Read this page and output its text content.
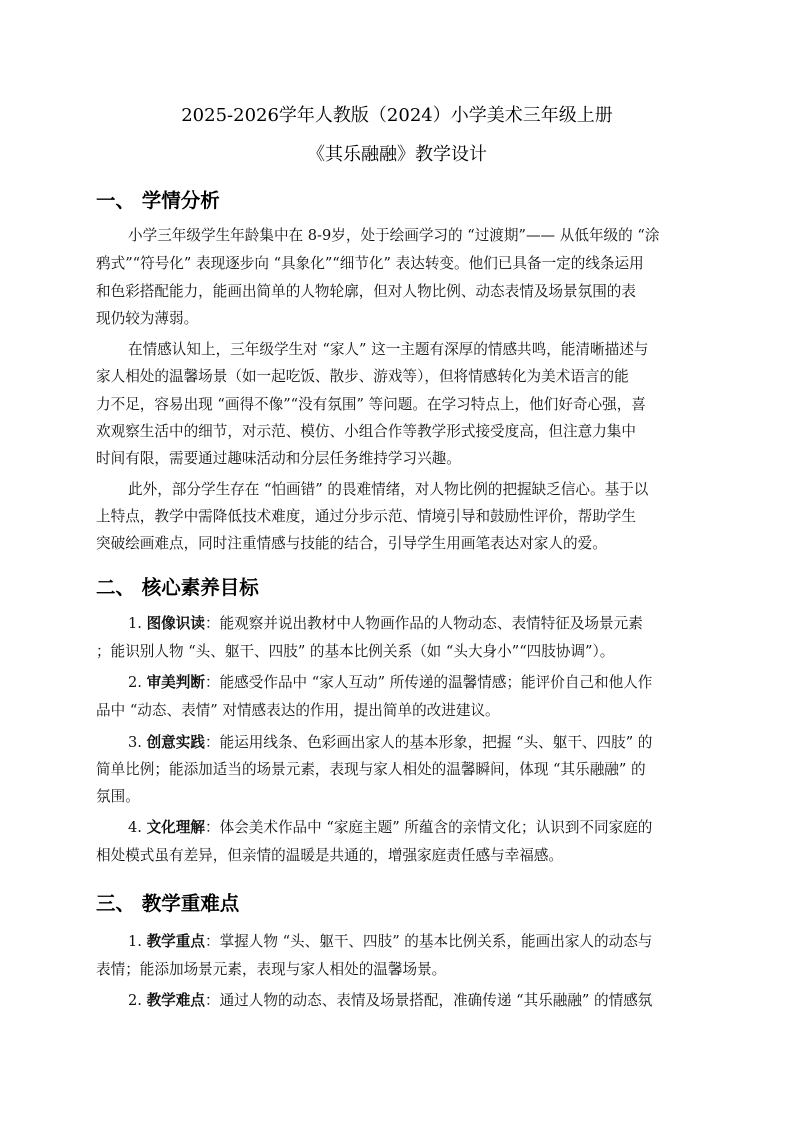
2025-2026学年人教版（2024）小学美术三年级上册
《其乐融融》教学设计
一、 学情分析
小学三年级学生年龄集中在 8-9岁，处于绘画学习的 “过渡期”—— 从低年级的 “涂
鸦式”“符号化” 表现逐步向 “具象化”“细节化” 表达转变。他们已具备一定的线条运用
和色彩搭配能力，能画出简单的人物轮廓，但对人物比例、动态表情及场景氛围的表
现仍较为薄弱。
在情感认知上，三年级学生对 “家人” 这一主题有深厚的情感共鸣，能清晰描述与
家人相处的温馨场景（如一起吃饭、散步、游戏等），但将情感转化为美术语言的能
力不足，容易出现 “画得不像”“没有氛围” 等问题。在学习特点上，他们好奇心强，喜
欢观察生活中的细节，对示范、模仿、小组合作等教学形式接受度高，但注意力集中
时间有限，需要通过趣味活动和分层任务维持学习兴趣。
此外，部分学生存在 “怕画错” 的畏难情绪，对人物比例的把握缺乏信心。基于以
上特点，教学中需降低技术难度，通过分步示范、情境引导和鼓励性评价，帮助学生
突破绘画难点，同时注重情感与技能的结合，引导学生用画笔表达对家人的爱。
二、 核心素养目标
1. 图像识读：能观察并说出教材中人物画作品的人物动态、表情特征及场景元素
；能识别人物 “头、躯干、四肢” 的基本比例关系（如 “头大身小”“四肢协调”）。
2. 审美判断：能感受作品中 “家人互动” 所传递的温馨情感；能评价自己和他人作
品中 “动态、表情” 对情感表达的作用，提出简单的改进建议。
3. 创意实践：能运用线条、色彩画出家人的基本形象，把握 “头、躯干、四肢” 的
简单比例；能添加适当的场景元素，表现与家人相处的温馨瞬间，体现 “其乐融融” 的
氛围。
4. 文化理解：体会美术作品中 “家庭主题” 所蕴含的亲情文化；认识到不同家庭的
相处模式虽有差异，但亲情的温暖是共通的，增强家庭责任感与幸福感。
三、 教学重难点
1. 教学重点：掌握人物 “头、躯干、四肢” 的基本比例关系，能画出家人的动态与
表情；能添加场景元素，表现与家人相处的温馨场景。
2. 教学难点：通过人物的动态、表情及场景搭配，准确传递 “其乐融融” 的情感氛
